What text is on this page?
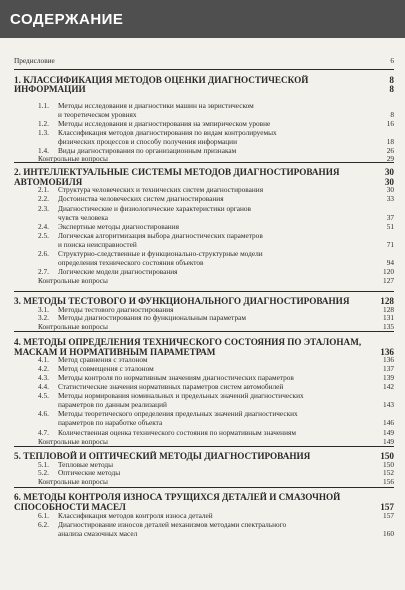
СОДЕРЖАНИЕ
Предисловие	6
1. КЛАССИФИКАЦИЯ МЕТОДОВ ОЦЕНКИ ДИАГНОСТИЧЕСКОЙ	8
ИНФОРМАЦИИ	8
1.1. Методы исследования и диагностики машин на эвристическом
и теоретическом уровнях	8
1.2. Методы исследования и диагностирования на эмпирическом уровне	16
1.3. Классификация методов диагностирования по видам контролируемых
физических процессов и способу получения информации	18
1.4. Виды диагностирования по организационным признакам	26
Контрольные вопросы	29
2. ИНТЕЛЛЕКТУАЛЬНЫЕ СИСТЕМЫ МЕТОДОВ ДИАГНОСТИРОВАНИЯ	30
АВТОМОБИЛЯ	30
2.1. Структура человеческих и технических систем диагностирования	30
2.2. Достоинства человеческих систем диагностирования	33
2.3. Диагностические и физиологические характеристики органов
чувств человека	37
2.4. Экспертные методы диагностирования	51
2.5. Логическая алгоритмизация выбора диагностических параметров
и поиска неисправностей	71
2.6. Структурно-следственные и функционально-структурные модели
определения технического состояния объектов	94
2.7. Логические модели диагностирования	120
Контрольные вопросы	127
3. МЕТОДЫ ТЕСТОВОГО И ФУНКЦИОНАЛЬНОГО ДИАГНОСТИРОВАНИЯ	128
3.1. Методы тестового диагностирования	128
3.2. Методы диагностирования по функциональным параметрам	131
Контрольные вопросы	135
4. МЕТОДЫ ОПРЕДЕЛЕНИЯ ТЕХНИЧЕСКОГО СОСТОЯНИЯ ПО ЭТАЛОНАМ,
МАСКАМ И НОРМАТИВНЫМ ПАРАМЕТРАМ	136
4.1. Метод сравнения с эталоном	136
4.2. Метод совмещения с эталоном	137
4.3. Методы контроля по нормативным значениям диагностических параметров	139
4.4. Статистические значения нормативных параметров систем автомобилей	142
4.5. Методы нормирования номинальных и предельных значений диагностических
параметров по данным реализаций	143
4.6. Методы теоретического определения предельных значений диагностических
параметров по наработке объекта	146
4.7. Количественная оценка технического состояния по нормативным значениям	149
Контрольные вопросы	149
5. ТЕПЛОВОЙ И ОПТИЧЕСКИЙ МЕТОДЫ ДИАГНОСТИРОВАНИЯ	150
5.1. Тепловые методы	150
5.2. Оптические методы	152
Контрольные вопросы	156
6. МЕТОДЫ КОНТРОЛЯ ИЗНОСА ТРУЩИХСЯ ДЕТАЛЕЙ И СМАЗОЧНОЙ
СПОСОБНОСТИ МАСЕЛ	157
6.1. Классификация методов контроля износа деталей	157
6.2. Диагностирование износов деталей механизмов методами спектрального
анализа смазочных масел	160
